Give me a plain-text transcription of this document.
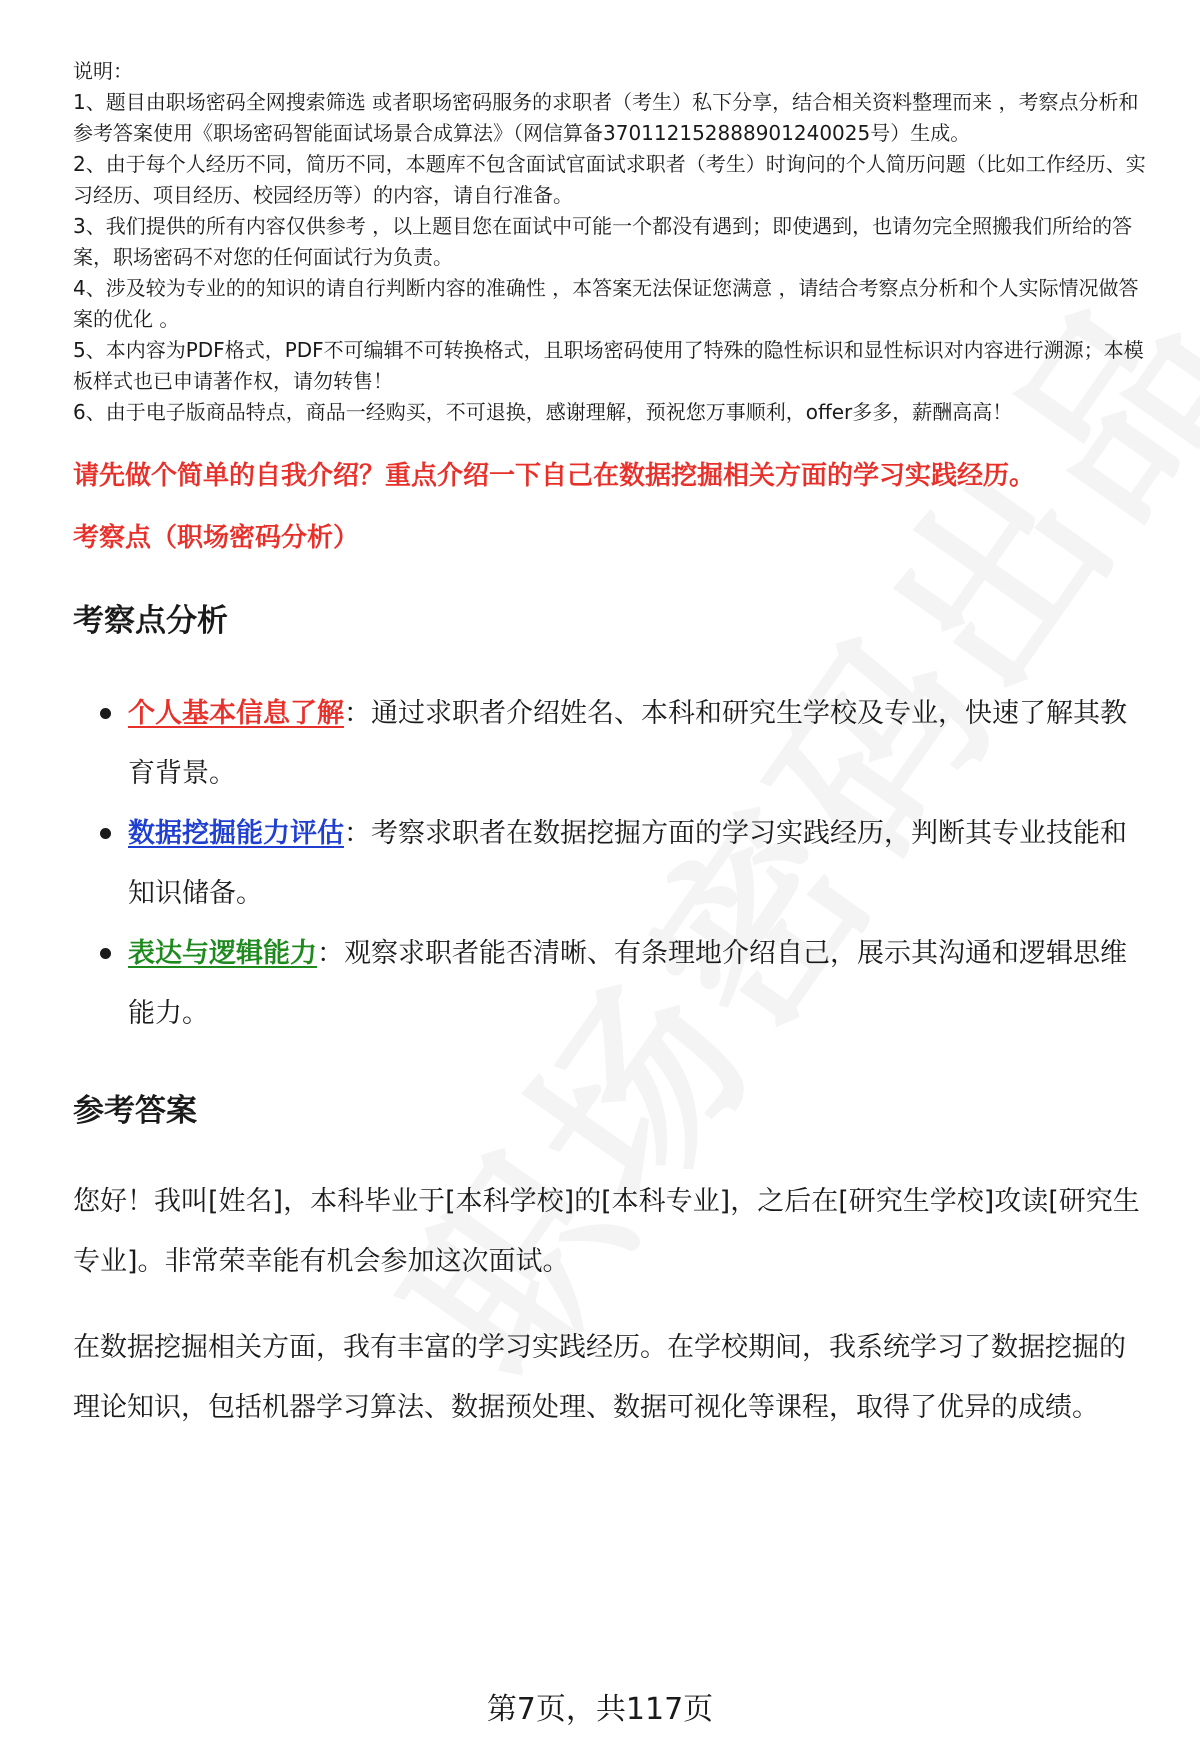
说明：
1、题目由职场密码全网搜索筛选 或者职场密码服务的求职者（考生）私下分享，结合相关资料整理而来 ，考察点分析和参考答案使用《职场密码智能面试场景合成算法》（网信算备370112152888901240025号）生成。
2、由于每个人经历不同，简历不同，本题库不包含面试官面试求职者（考生）时询问的个人简历问题（比如工作经历、实习经历、项目经历、校园经历等）的内容，请自行准备。
3、我们提供的所有内容仅供参考 ，以上题目您在面试中可能一个都没有遇到；即使遇到，也请勿完全照搬我们所给的答案，职场密码不对您的任何面试行为负责。
4、涉及较为专业的的知识的请自行判断内容的准确性 ，本答案无法保证您满意 ，请结合考察点分析和个人实际情况做答案的优化 。
5、本内容为PDF格式，PDF不可编辑不可转换格式，且职场密码使用了特殊的隐性标识和显性标识对内容进行溯源；本模板样式也已申请著作权，请勿转售！
6、由于电子版商品特点，商品一经购买，不可退换，感谢理解，预祝您万事顺利，offer多多，薪酬高高！
请先做个简单的自我介绍？重点介绍一下自己在数据挖掘相关方面的学习实践经历。
考察点（职场密码分析）
考察点分析
个人基本信息了解：通过求职者介绍姓名、本科和研究生学校及专业，快速了解其教育背景。
数据挖掘能力评估：考察求职者在数据挖掘方面的学习实践经历，判断其专业技能和知识储备。
表达与逻辑能力：观察求职者能否清晰、有条理地介绍自己，展示其沟通和逻辑思维能力。
参考答案

您好！我叫[姓名]，本科毕业于[本科学校]的[本科专业]，之后在[研究生学校]攻读[研究生专业]。非常荣幸能有机会参加这次面试。

在数据挖掘相关方面，我有丰富的学习实践经历。在学校期间，我系统学习了数据挖掘的理论知识，包括机器学习算法、数据预处理、数据可视化等课程，取得了优异的成绩。

第7页，共117页
